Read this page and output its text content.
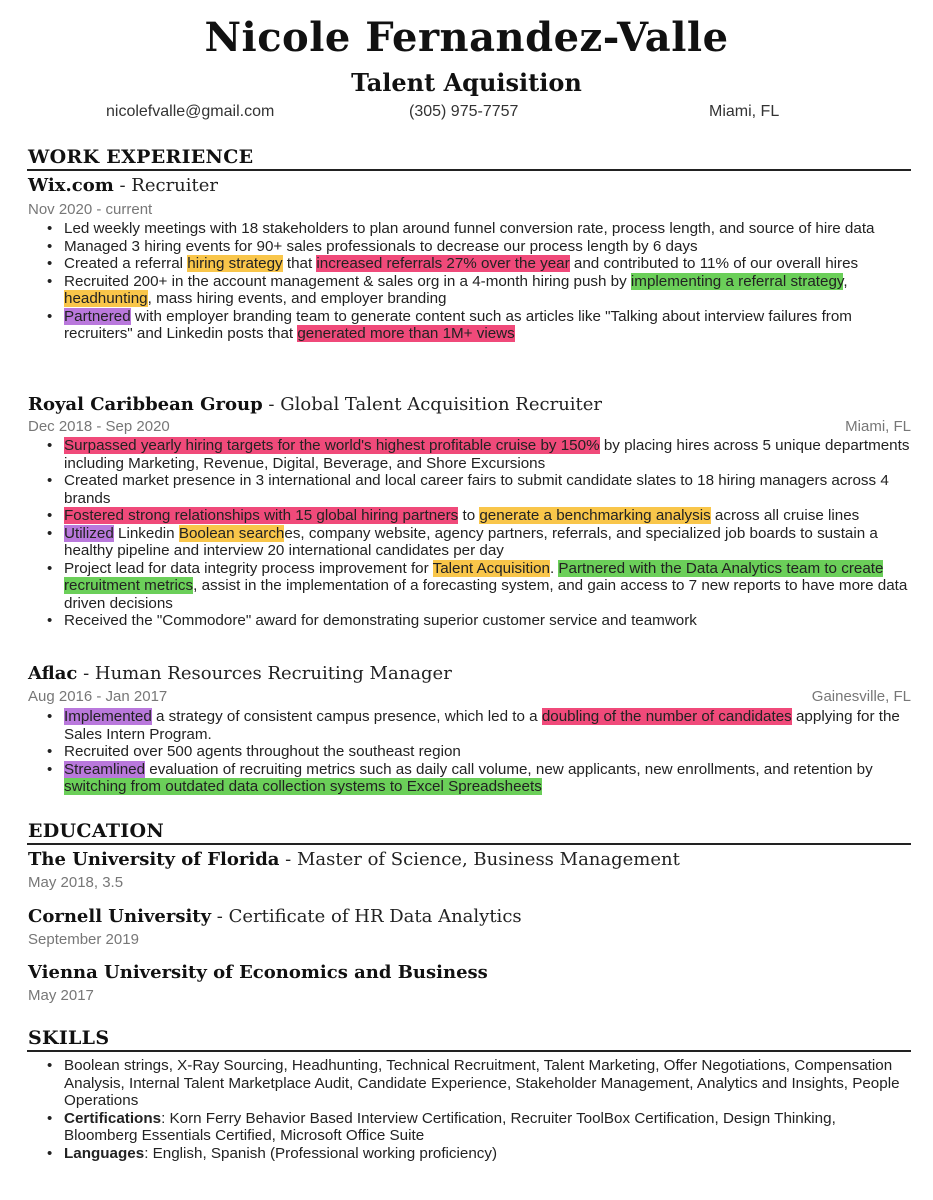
Nicole Fernandez-Valle
Talent Aquisition
nicolefvalle@gmail.com	(305) 975-7757	Miami, FL
WORK EXPERIENCE
Wix.com - Recruiter
Nov 2020 - current
• Led weekly meetings with 18 stakeholders to plan around funnel conversion rate, process length, and source of hire data
• Managed 3 hiring events for 90+ sales professionals to decrease our process length by 6 days
• Created a referral hiring strategy that increased referrals 27% over the year and contributed to 11% of our overall hires
• Recruited 200+ in the account management & sales org in a 4-month hiring push by implementing a referral strategy, headhunting, mass hiring events, and employer branding
• Partnered with employer branding team to generate content such as articles like "Talking about interview failures from recruiters" and Linkedin posts that generated more than 1M+ views
Royal Caribbean Group - Global Talent Acquisition Recruiter
Dec 2018 - Sep 2020	Miami, FL
• Surpassed yearly hiring targets for the world's highest profitable cruise by 150% by placing hires across 5 unique departments including Marketing, Revenue, Digital, Beverage, and Shore Excursions
• Created market presence in 3 international and local career fairs to submit candidate slates to 18 hiring managers across 4 brands
• Fostered strong relationships with 15 global hiring partners to generate a benchmarking analysis across all cruise lines
• Utilized Linkedin Boolean searches, company website, agency partners, referrals, and specialized job boards to sustain a healthy pipeline and interview 20 international candidates per day
• Project lead for data integrity process improvement for Talent Acquisition. Partnered with the Data Analytics team to create recruitment metrics, assist in the implementation of a forecasting system, and gain access to 7 new reports to have more data driven decisions
• Received the "Commodore" award for demonstrating superior customer service and teamwork
Aflac - Human Resources Recruiting Manager
Aug 2016 - Jan 2017	Gainesville, FL
• Implemented a strategy of consistent campus presence, which led to a doubling of the number of candidates applying for the Sales Intern Program.
• Recruited over 500 agents throughout the southeast region
• Streamlined evaluation of recruiting metrics such as daily call volume, new applicants, new enrollments, and retention by switching from outdated data collection systems to Excel Spreadsheets
EDUCATION
The University of Florida - Master of Science, Business Management
May 2018, 3.5
Cornell University - Certificate of HR Data Analytics
September 2019
Vienna University of Economics and Business
May 2017
SKILLS
• Boolean strings, X-Ray Sourcing, Headhunting, Technical Recruitment, Talent Marketing, Offer Negotiations, Compensation Analysis, Internal Talent Marketplace Audit, Candidate Experience, Stakeholder Management, Analytics and Insights, People Operations
• Certifications: Korn Ferry Behavior Based Interview Certification, Recruiter ToolBox Certification, Design Thinking, Bloomberg Essentials Certified, Microsoft Office Suite
• Languages: English, Spanish (Professional working proficiency)
